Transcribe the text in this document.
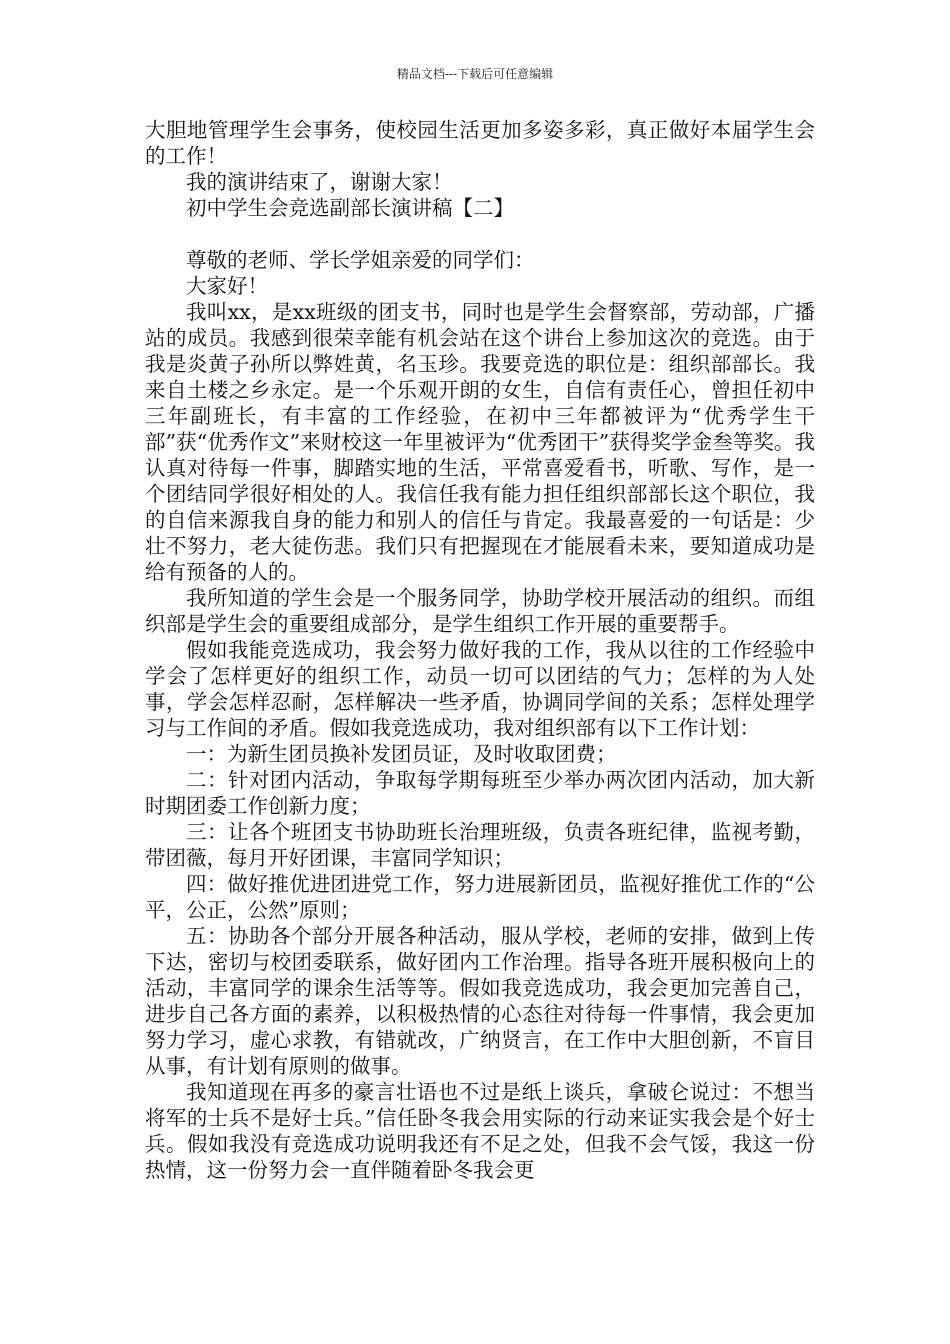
精品文档---下载后可任意编辑

大胆地管理学生会事务，使校园生活更加多姿多彩，真正做好本届学生会的工作！

我的演讲结束了，谢谢大家！

初中学生会竞选副部长演讲稿【二】

尊敬的老师、学长学姐亲爱的同学们：

大家好！

我叫xx，是xx班级的团支书，同时也是学生会督察部，劳动部，广播站的成员。我感到很荣幸能有机会站在这个讲台上参加这次的竞选。由于我是炎黄子孙所以弊姓黄，名玉珍。我要竞选的职位是：组织部部长。我来自土楼之乡永定。是一个乐观开朗的女生，自信有责任心，曾担任初中三年副班长，有丰富的工作经验，在初中三年都被评为“优秀学生干部”获“优秀作文”来财校这一年里被评为“优秀团干”获得奖学金叁等奖。我认真对待每一件事，脚踏实地的生活，平常喜爱看书，听歌、写作，是一个团结同学很好相处的人。我信任我有能力担任组织部部长这个职位，我的自信来源我自身的能力和别人的信任与肯定。我最喜爱的一句话是：少壮不努力，老大徒伤悲。我们只有把握现在才能展看未来，要知道成功是给有预备的人的。

我所知道的学生会是一个服务同学，协助学校开展活动的组织。而组织部是学生会的重要组成部分，是学生组织工作开展的重要帮手。

假如我能竞选成功，我会努力做好我的工作，我从以往的工作经验中学会了怎样更好的组织工作，动员一切可以团结的气力；怎样的为人处事，学会怎样忍耐，怎样解决一些矛盾，协调同学间的关系；怎样处理学习与工作间的矛盾。假如我竞选成功，我对组织部有以下工作计划：

一：为新生团员换补发团员证，及时收取团费；

二：针对团内活动，争取每学期每班至少举办两次团内活动，加大新时期团委工作创新力度；

三：让各个班团支书协助班长治理班级，负责各班纪律，监视考勤，带团薇，每月开好团课，丰富同学知识；

四：做好推优进团进党工作，努力进展新团员，监视好推优工作的“公平，公正，公然”原则；

五：协助各个部分开展各种活动，服从学校，老师的安排，做到上传下达，密切与校团委联系，做好团内工作治理。指导各班开展积极向上的活动，丰富同学的课余生活等等。假如我竞选成功，我会更加完善自己，进步自己各方面的素养，以积极热情的心态往对待每一件事情，我会更加努力学习，虚心求教，有错就改，广纳贤言，在工作中大胆创新，不盲目从事，有计划有原则的做事。

我知道现在再多的豪言壮语也不过是纸上谈兵，拿破仑说过：不想当将军的士兵不是好士兵。”信任卧冬我会用实际的行动来证实我会是个好士兵。假如我没有竞选成功说明我还有不足之处，但我不会气馁，我这一份热情，这一份努力会一直伴随着卧冬我会更
